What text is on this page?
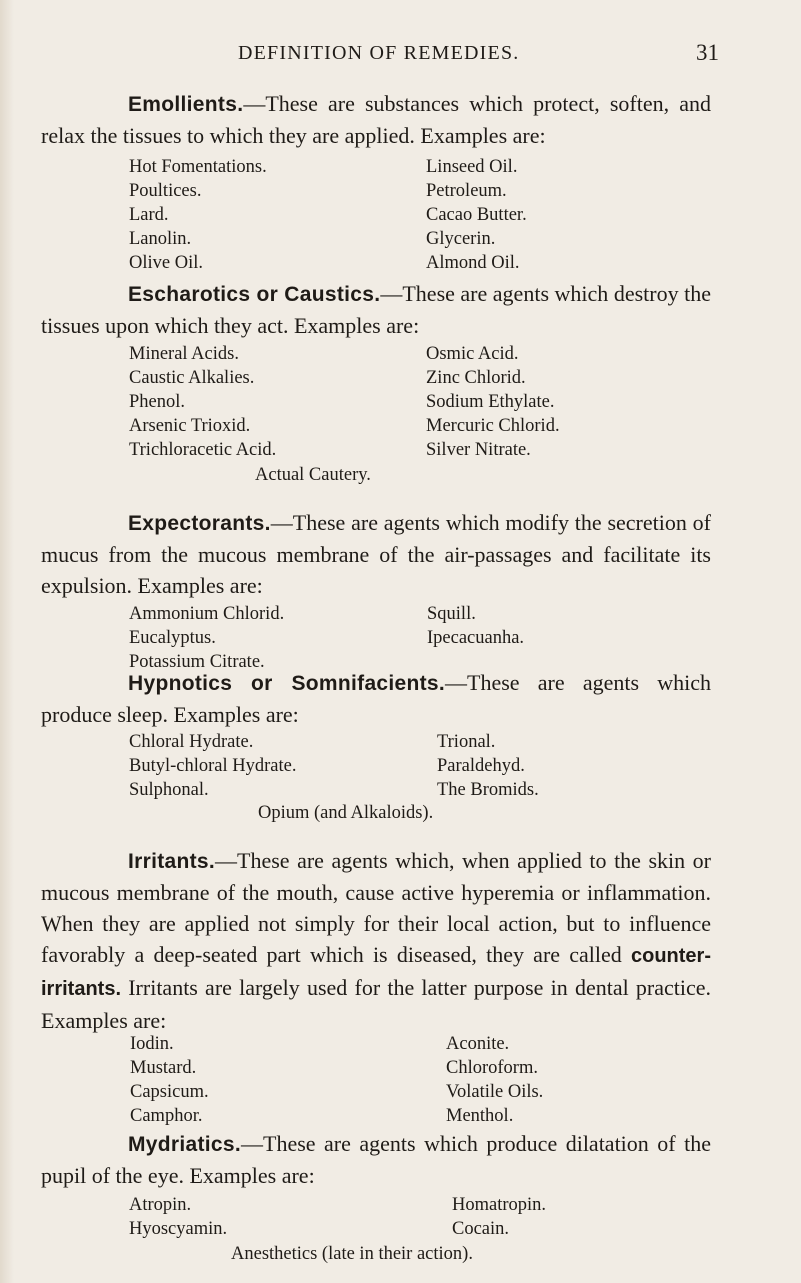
DEFINITION OF REMEDIES.	31

Emollients.—These are substances which protect, soften, and relax the tissues to which they are applied. Examples are:

Hot Fomentations.
Poultices.
Lard.
Lanolin.
Olive Oil.
Linseed Oil.
Petroleum.
Cacao Butter.
Glycerin.
Almond Oil.

Escharotics or Caustics.—These are agents which destroy the tissues upon which they act. Examples are:

Mineral Acids.
Caustic Alkalies.
Phenol.
Arsenic Trioxid.
Trichloracetic Acid.
Osmic Acid.
Zinc Chlorid.
Sodium Ethylate.
Mercuric Chlorid.
Silver Nitrate.
Actual Cautery.

Expectorants.—These are agents which modify the secretion of mucus from the mucous membrane of the air-passages and facilitate its expulsion. Examples are:

Ammonium Chlorid.
Eucalyptus.
Potassium Citrate.
Squill.
Ipecacuanha.

Hypnotics or Somnifacients.—These are agents which produce sleep. Examples are:

Chloral Hydrate.
Butyl-chloral Hydrate.
Sulphonal.
Trional.
Paraldehyd.
The Bromids.
Opium (and Alkaloids).

Irritants.—These are agents which, when applied to the skin or mucous membrane of the mouth, cause active hyperemia or inflammation. When they are applied not simply for their local action, but to influence favorably a deep-seated part which is diseased, they are called counter-irritants. Irritants are largely used for the latter purpose in dental practice. Examples are:

Iodin.
Mustard.
Capsicum.
Camphor.
Aconite.
Chloroform.
Volatile Oils.
Menthol.

Mydriatics.—These are agents which produce dilatation of the pupil of the eye. Examples are:

Atropin.
Hyoscyamin.
Homatropin.
Cocain.
Anesthetics (late in their action).
